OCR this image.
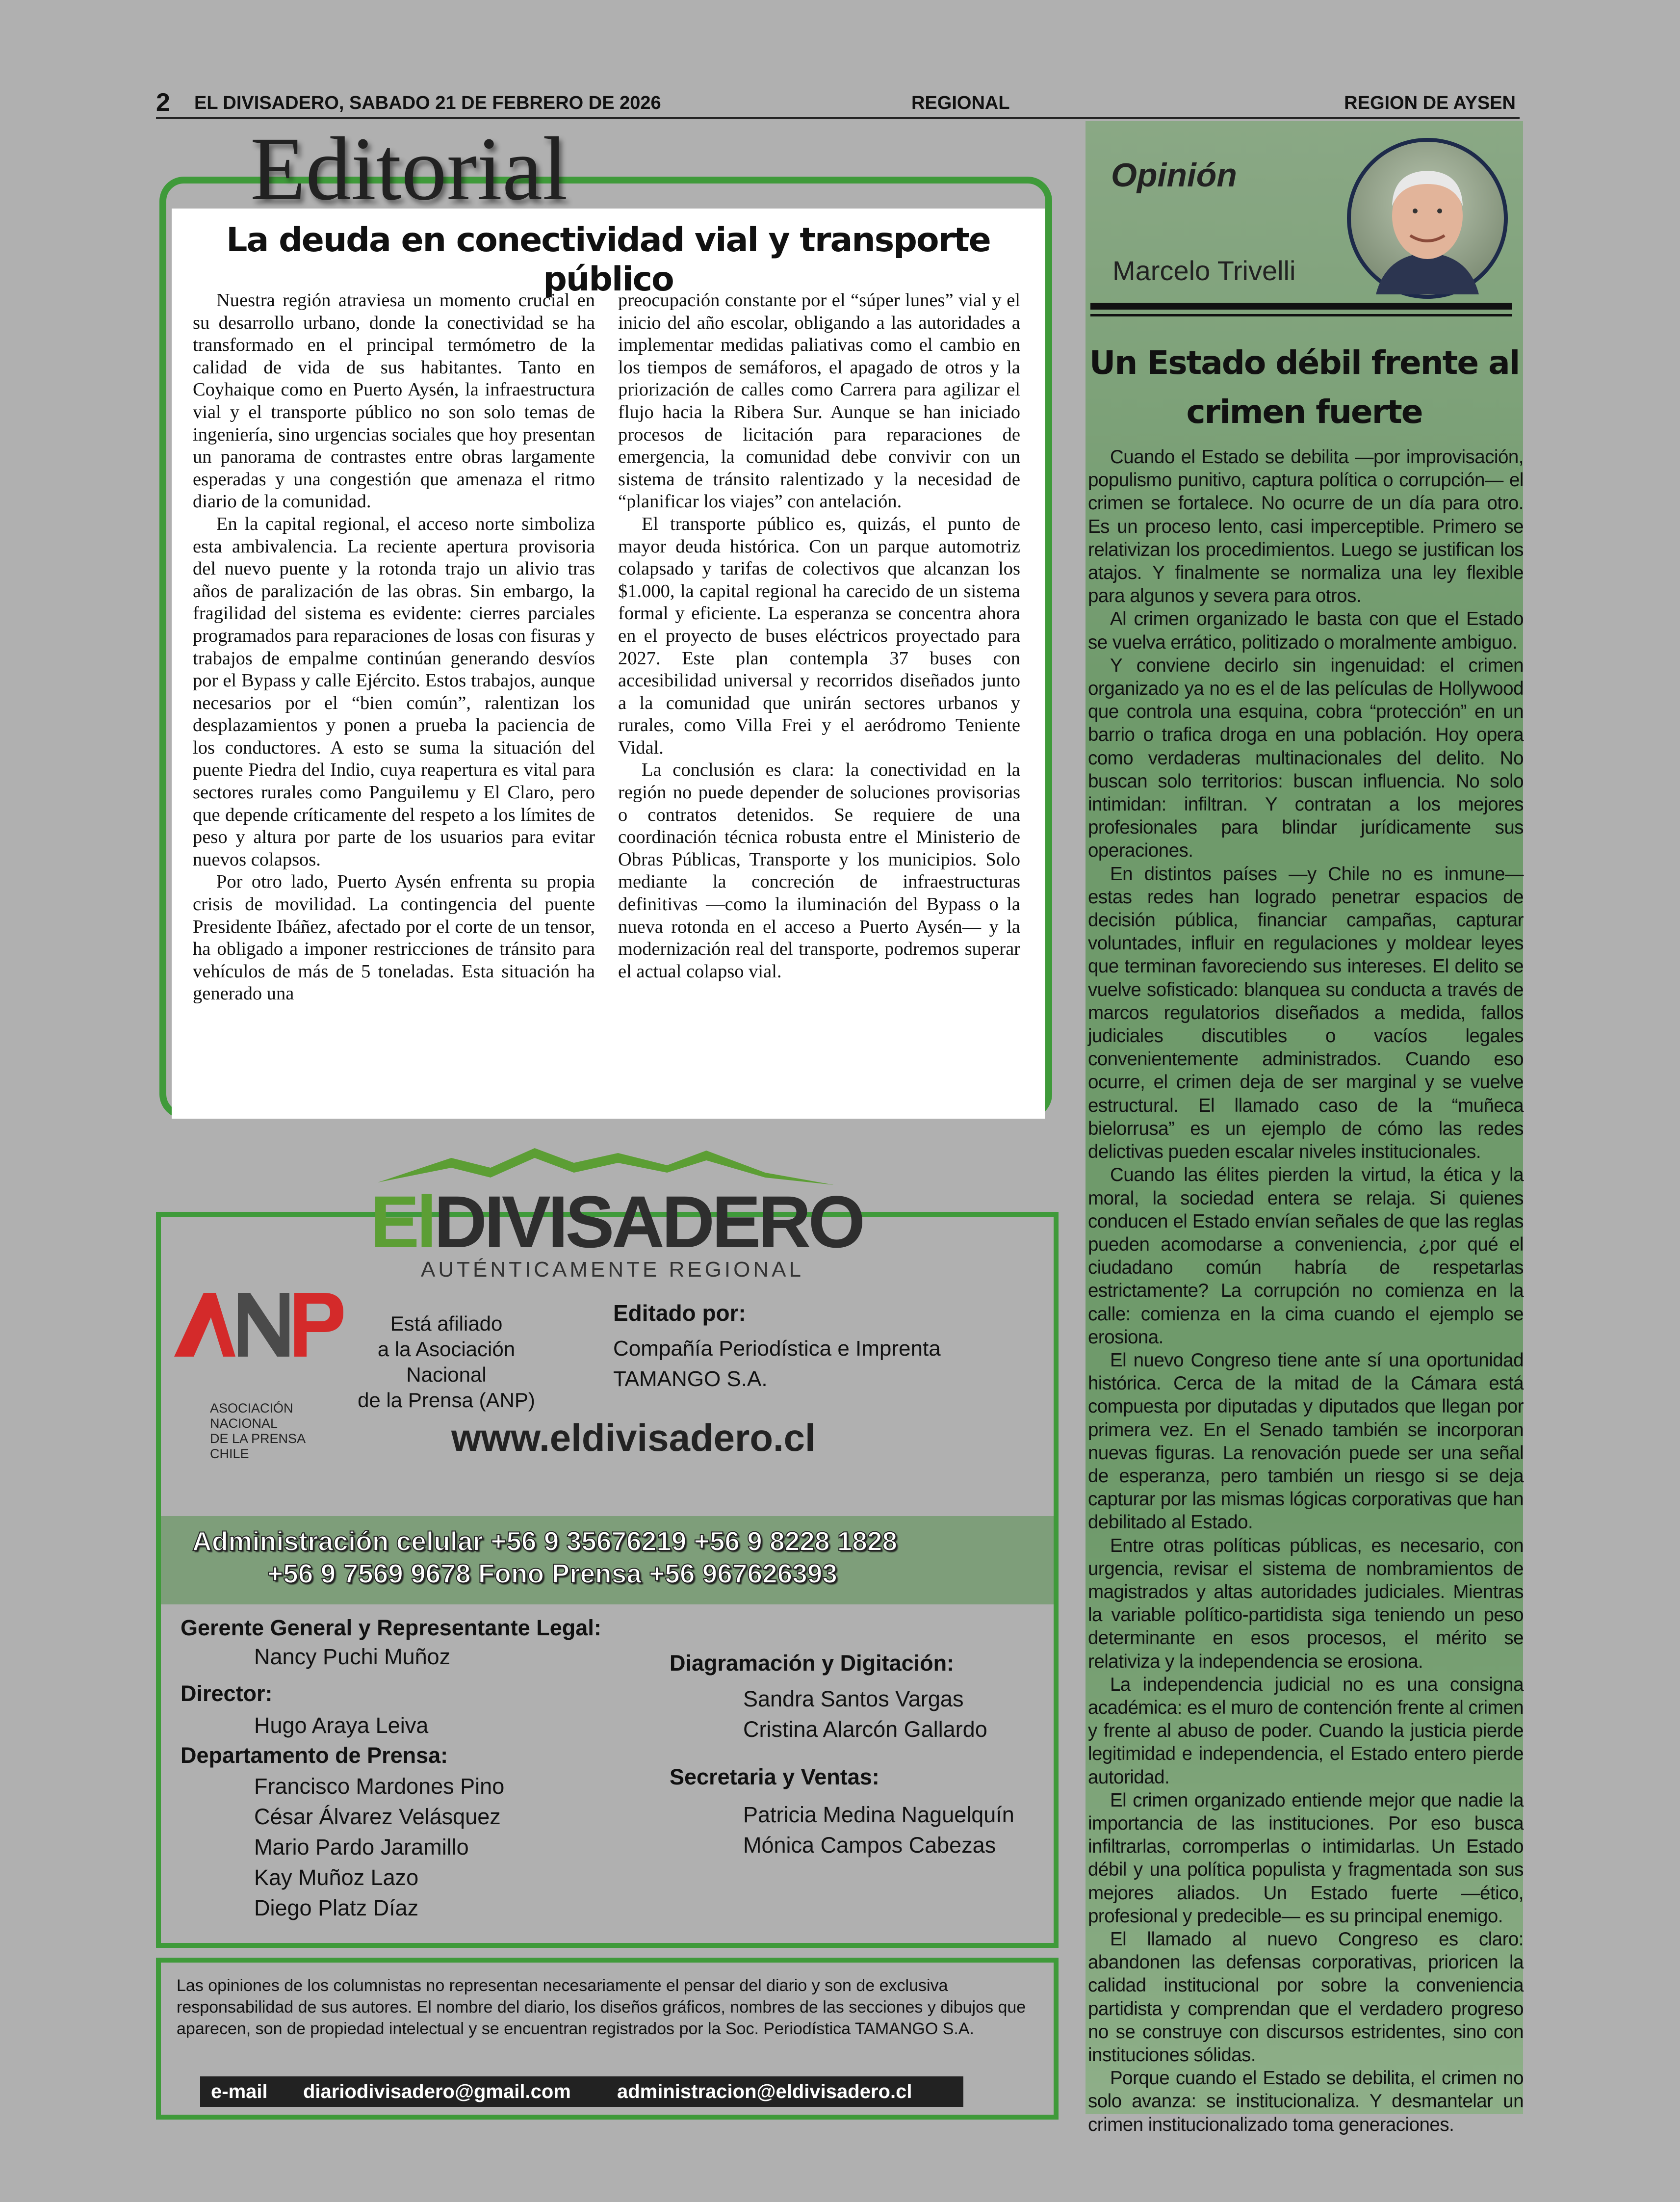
2 EL DIVISADERO, SABADO 21 DE FEBRERO DE 2026	REGIONAL	REGION DE AYSEN
Editorial
La deuda en conectividad vial y transporte público

Nuestra región atraviesa un momento crucial en su desarrollo urbano, donde la conectividad se ha transformado en el principal termómetro de la calidad de vida de sus habitantes. Tanto en Coyhaique como en Puerto Aysén, la infraestructura vial y el transporte público no son solo temas de ingeniería, sino urgencias sociales que hoy presentan un panorama de contrastes entre obras largamente esperadas y una congestión que amenaza el ritmo diario de la comunidad.

En la capital regional, el acceso norte simboliza esta ambivalencia. La reciente apertura provisoria del nuevo puente y la rotonda trajo un alivio tras años de paralización de las obras. Sin embargo, la fragilidad del sistema es evidente: cierres parciales programados para reparaciones de losas con fisuras y trabajos de empalme continúan generando desvíos por el Bypass y calle Ejército. Estos trabajos, aunque necesarios por el “bien común”, ralentizan los desplazamientos y ponen a prueba la paciencia de los conductores. A esto se suma la situación del puente Piedra del Indio, cuya reapertura es vital para sectores rurales como Panguilemu y El Claro, pero que depende críticamente del respeto a los límites de peso y altura por parte de los usuarios para evitar nuevos colapsos.

Por otro lado, Puerto Aysén enfrenta su propia crisis de movilidad. La contingencia del puente Presidente Ibáñez, afectado por el corte de un tensor, ha obligado a imponer restricciones de tránsito para vehículos de más de 5 toneladas. Esta situación ha generado una

preocupación constante por el “súper lunes” vial y el inicio del año escolar, obligando a las autoridades a implementar medidas paliativas como el cambio en los tiempos de semáforos, el apagado de otros y la priorización de calles como Carrera para agilizar el flujo hacia la Ribera Sur. Aunque se han iniciado procesos de licitación para reparaciones de emergencia, la comunidad debe convivir con un sistema de tránsito ralentizado y la necesidad de “planificar los viajes” con antelación.

El transporte público es, quizás, el punto de mayor deuda histórica. Con un parque automotriz colapsado y tarifas de colectivos que alcanzan los $1.000, la capital regional ha carecido de un sistema formal y eficiente. La esperanza se concentra ahora en el proyecto de buses eléctricos proyectado para 2027. Este plan contempla 37 buses con accesibilidad universal y recorridos diseñados junto a la comunidad que unirán sectores urbanos y rurales, como Villa Frei y el aeródromo Teniente Vidal.

La conclusión es clara: la conectividad en la región no puede depender de soluciones provisorias o contratos detenidos. Se requiere de una coordinación técnica robusta entre el Ministerio de Obras Públicas, Transporte y los municipios. Solo mediante la concreción de infraestructuras definitivas —como la iluminación del Bypass o la nueva rotonda en el acceso a Puerto Aysén— y la modernización real del transporte, podremos superar el actual colapso vial.

ElDIVISADERO
AUTÉNTICAMENTE REGIONAL
ASOCIACIÓN
NACIONAL
DE LA PRENSA
CHILE
Está afiliado
a la Asociación Nacional
de la Prensa (ANP)
Editado por:
Compañía Periodística e Imprenta
TAMANGO S.A.
www.eldivisadero.cl
Administración celular +56 9 35676219 +56 9 8228 1828
+56 9 7569 9678 Fono Prensa +56 967626393
Gerente General y Representante Legal:
Nancy Puchi Muñoz
Director:
Hugo Araya Leiva
Departamento de Prensa:
Francisco Mardones Pino
César Álvarez Velásquez
Mario Pardo Jaramillo
Kay Muñoz Lazo
Diego Platz Díaz
Diagramación y Digitación:
Sandra Santos Vargas
Cristina Alarcón Gallardo
Secretaria y Ventas:
Patricia Medina Naguelquín
Mónica Campos Cabezas
Las opiniones de los columnistas no representan necesariamente el pensar del diario y son de exclusiva responsabilidad de sus autores. El nombre del diario, los diseños gráficos, nombres de las secciones y dibujos que aparecen, son de propiedad intelectual y se encuentran registrados por la Soc. Periodística TAMANGO S.A.
e-mail diariodivisadero@gmail.com administracion@eldivisadero.cl
Opinión
Marcelo Trivelli
Un Estado débil frente al crimen fuerte

Cuando el Estado se debilita —por improvisación, populismo punitivo, captura política o corrupción— el crimen se fortalece. No ocurre de un día para otro. Es un proceso lento, casi imperceptible. Primero se relativizan los procedimientos. Luego se justifican los atajos. Y finalmente se normaliza una ley flexible para algunos y severa para otros.

Al crimen organizado le basta con que el Estado se vuelva errático, politizado o moralmente ambiguo.

Y conviene decirlo sin ingenuidad: el crimen organizado ya no es el de las películas de Hollywood que controla una esquina, cobra “protección” en un barrio o trafica droga en una población. Hoy opera como verdaderas multinacionales del delito. No buscan solo territorios: buscan influencia. No solo intimidan: infiltran. Y contratan a los mejores profesionales para blindar jurídicamente sus operaciones.

En distintos países —y Chile no es inmune— estas redes han logrado penetrar espacios de decisión pública, financiar campañas, capturar voluntades, influir en regulaciones y moldear leyes que terminan favoreciendo sus intereses. El delito se vuelve sofisticado: blanquea su conducta a través de marcos regulatorios diseñados a medida, fallos judiciales discutibles o vacíos legales convenientemente administrados. Cuando eso ocurre, el crimen deja de ser marginal y se vuelve estructural. El llamado caso de la “muñeca bielorrusa” es un ejemplo de cómo las redes delictivas pueden escalar niveles institucionales.

Cuando las élites pierden la virtud, la ética y la moral, la sociedad entera se relaja. Si quienes conducen el Estado envían señales de que las reglas pueden acomodarse a conveniencia, ¿por qué el ciudadano común habría de respetarlas estrictamente? La corrupción no comienza en la calle: comienza en la cima cuando el ejemplo se erosiona.

El nuevo Congreso tiene ante sí una oportunidad histórica. Cerca de la mitad de la Cámara está compuesta por diputadas y diputados que llegan por primera vez. En el Senado también se incorporan nuevas figuras. La renovación puede ser una señal de esperanza, pero también un riesgo si se deja capturar por las mismas lógicas corporativas que han debilitado al Estado.

Entre otras políticas públicas, es necesario, con urgencia, revisar el sistema de nombramientos de magistrados y altas autoridades judiciales. Mientras la variable político-partidista siga teniendo un peso determinante en esos procesos, el mérito se relativiza y la independencia se erosiona.

La independencia judicial no es una consigna académica: es el muro de contención frente al crimen y frente al abuso de poder. Cuando la justicia pierde legitimidad e independencia, el Estado entero pierde autoridad.

El crimen organizado entiende mejor que nadie la importancia de las instituciones. Por eso busca infiltrarlas, corromperlas o intimidarlas. Un Estado débil y una política populista y fragmentada son sus mejores aliados. Un Estado fuerte —ético, profesional y predecible— es su principal enemigo.

El llamado al nuevo Congreso es claro: abandonen las defensas corporativas, prioricen la calidad institucional por sobre la conveniencia partidista y comprendan que el verdadero progreso no se construye con discursos estridentes, sino con instituciones sólidas.

Porque cuando el Estado se debilita, el crimen no solo avanza: se institucionaliza. Y desmantelar un crimen institucionalizado toma generaciones.
